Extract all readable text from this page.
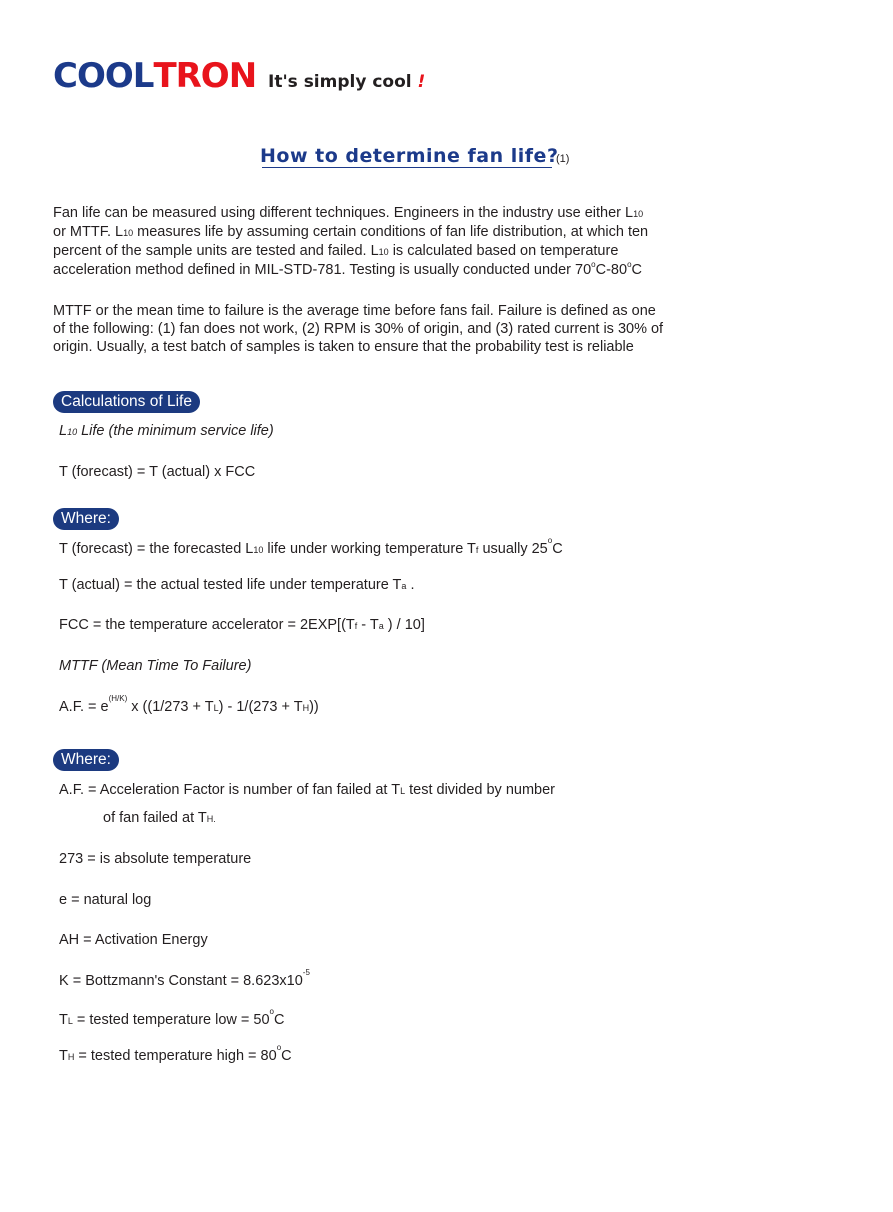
COOL TRON It's simply cool !
How to determine fan life?
(1)

Fan life can be measured using different techniques. Engineers in the industry use either L10

or MTTF. L10 measures life by assuming certain conditions of fan life distribution, at which ten

percent of the sample units are tested and failed. L10 is calculated based on temperature

acceleration method defined in MIL-STD-781. Testing is usually conducted under 70$^o$C-80$^o$C

MTTF or the mean time to failure is the average time before fans fail. Failure is defined as one

of the following: (1) fan does not work, (2) RPM is 30% of origin, and (3) rated current is 30% of

origin. Usually, a test batch of samples is taken to ensure that the probability test is reliable

Calculations of Life
L10 Life (the minimum service life)
T (forecast) = T (actual) x FCC
Where:
T (forecast) = the forecasted L10 life under working temperature Tf usually 25$^o$C
T (actual) = the actual tested life under temperature Ta .
FCC = the temperature accelerator = 2EXP[(Tf - Ta ) / 10]
MTTF (Mean Time To Failure)
A.F. = $e^{(H/K)}$ x ((1/273 + TL) - 1/(273 + TH))
Where:
A.F. = Acceleration Factor is number of fan failed at TL test divided by number
of fan failed at TH.
273 = is absolute temperature
e = natural log
AH = Activation Energy
K = Bottzmann's Constant = $8.623x10^{-5}$
TL = tested temperature low = $50^oC$
TH = tested temperature high = $80^oC$
